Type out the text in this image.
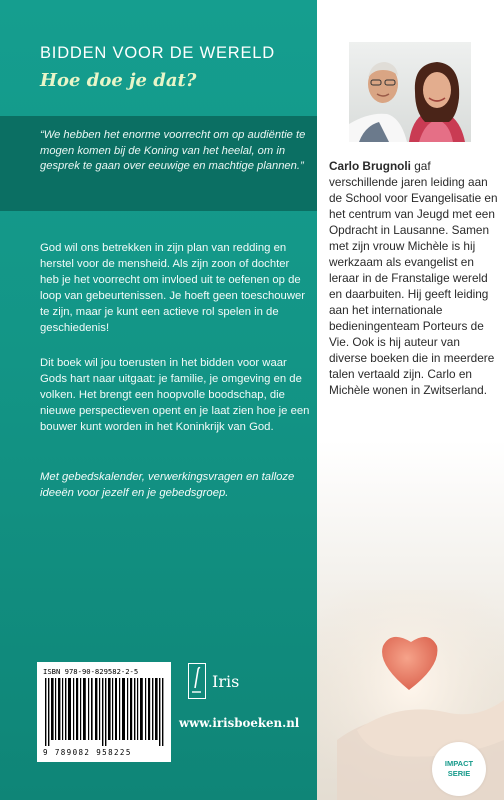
BIDDEN VOOR DE WERELD
Hoe doe je dat?
“We hebben het enorme voorrecht om op audiëntie te mogen komen bij de Koning van het heelal, om in gesprek te gaan over eeuwige en machtige plannen.”
God wil ons betrekken in zijn plan van redding en herstel voor de mensheid. Als zijn zoon of dochter heb je het voorrecht om invloed uit te oefenen op de loop van gebeurtenissen. Je hoeft geen toeschouwer te zijn, maar je kunt een actieve rol spelen in de geschiedenis!
Dit boek wil jou toerusten in het bidden voor waar Gods hart naar uitgaat: je familie, je omgeving en de volken. Het brengt een hoopvolle boodschap, die nieuwe perspectieven opent en je laat zien hoe je een bouwer kunt worden in het Koninkrijk van God.
Met gebedskalender, verwerkingsvragen en talloze ideeën voor jezelf en je gebedsgroep.
ISBN 978-90-829582-2-5
9 789082 958225
Iris
www.irisboeken.nl
Carlo Brugnoli gaf verschillende jaren leiding aan de School voor Evangelisatie en het centrum van Jeugd met een Opdracht in Lausanne. Samen met zijn vrouw Michèle is hij werkzaam als evangelist en leraar in de Franstalige wereld en daarbuiten. Hij geeft leiding aan het internationale bedieningenteam Porteurs de Vie. Ook is hij auteur van diverse boeken die in meerdere talen vertaald zijn. Carlo en Michèle wonen in Zwitserland.
IMPACT
SERIE
